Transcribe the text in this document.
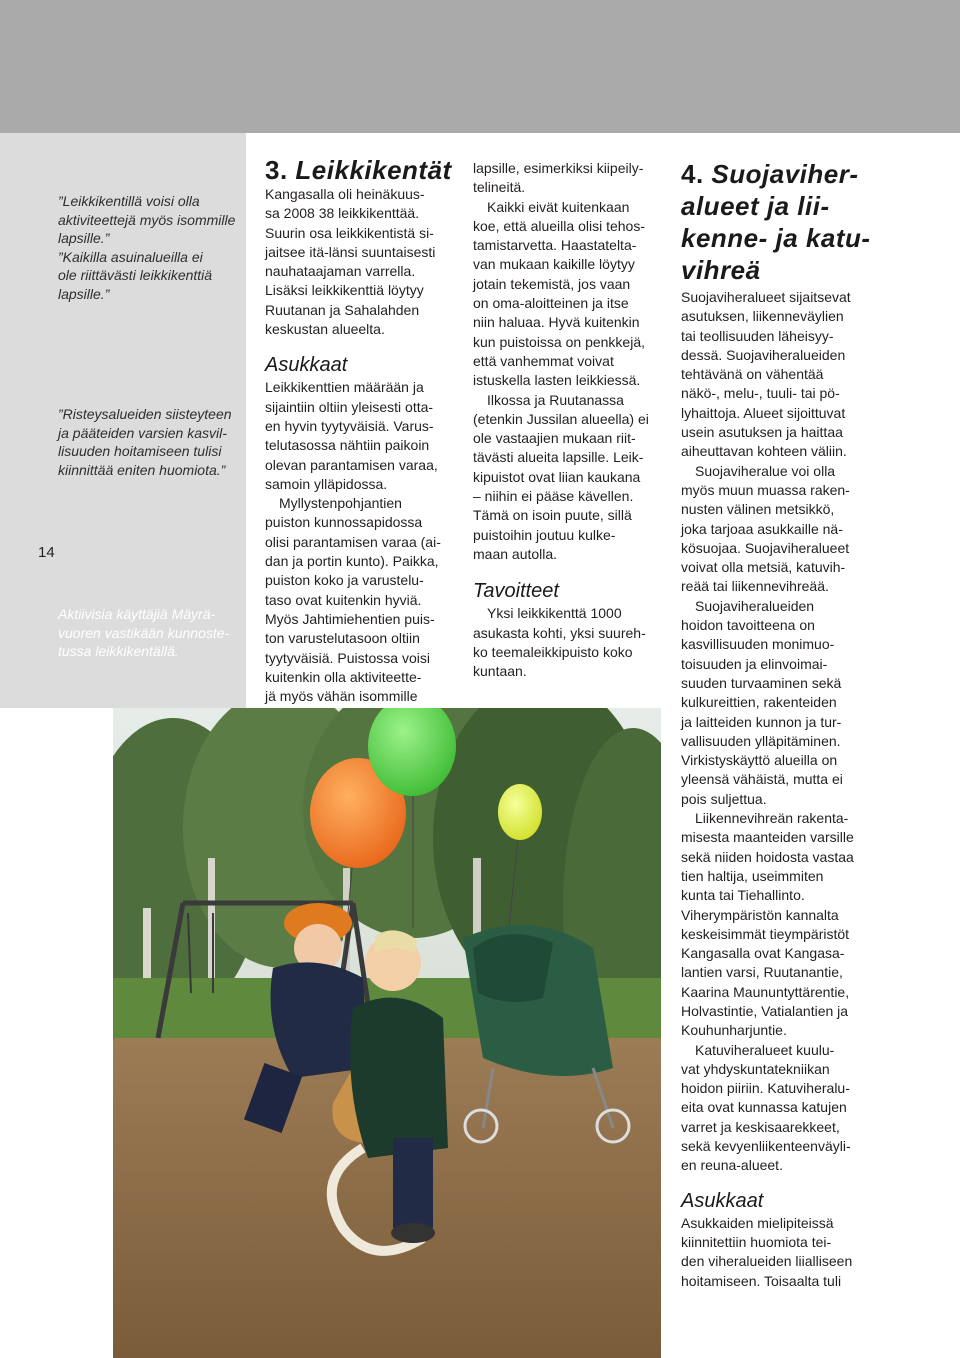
”Leikkikentillä voisi olla
aktiviteettejä myös isommille
lapsille.”
”Kaikilla asuinalueilla ei
ole riittävästi leikkikenttiä
lapsille.”
”Risteysalueiden siisteyteen
ja pääteiden varsien kasvil-
lisuuden hoitamiseen tulisi
kiinnittää eniten huomiota.”
14
Aktiivisia käyttäjiä Mäyrä-
vuoren vastikään kunnoste-
tussa leikkikentällä.
3. Leikkikentät

Kangasalla oli heinäkuus-
sa 2008 38 leikkikenttää.
Suurin osa leikkikentistä si-
jaitsee itä-länsi suuntaisesti
nauhataajaman varrella.
Lisäksi leikkikenttiä löytyy
Ruutanan ja Sahalahden
keskustan alueelta.

Asukkaat

Leikkikenttien määrään ja
sijaintiin oltiin yleisesti otta-
en hyvin tyytyväisiä. Varus-
telutasossa nähtiin paikoin
olevan parantamisen varaa,
samoin ylläpidossa.

Myllystenpohjantien
puiston kunnossapidossa
olisi parantamisen varaa (ai-
dan ja portin kunto). Paikka,
puiston koko ja varustelu-
taso ovat kuitenkin hyviä.
Myös Jahtimiehentien puis-
ton varustelutasoon oltiin
tyytyväisiä. Puistossa voisi
kuitenkin olla aktiviteette-
jä myös vähän isommille

lapsille, esimerkiksi kiipeily-
telineitä.

Kaikki eivät kuitenkaan
koe, että alueilla olisi tehos-
tamistarvetta. Haastatelta-
van mukaan kaikille löytyy
jotain tekemistä, jos vaan
on oma-aloitteinen ja itse
niin haluaa. Hyvä kuitenkin
kun puistoissa on penkkejä,
että vanhemmat voivat
istuskella lasten leikkiessä.

Ilkossa ja Ruutanassa
(etenkin Jussilan alueella) ei
ole vastaajien mukaan riit-
tävästi alueita lapsille. Leik-
kipuistot ovat liian kaukana
– niihin ei pääse kävellen.
Tämä on isoin puute, sillä
puistoihin joutuu kulke-
maan autolla.

Tavoitteet

Yksi leikkikenttä 1000
asukasta kohti, yksi suureh-
ko teemaleikkipuisto koko
kuntaan.

4. Suojaviher-
alueet ja lii-
kenne- ja katu-
vihreä

Suojaviheralueet sijaitsevat
asutuksen, liikenneväylien
tai teollisuuden läheisyy-
dessä. Suojaviheralueiden
tehtävänä on vähentää
näkö-, melu-, tuuli- tai pö-
lyhaittoja. Alueet sijoittuvat
usein asutuksen ja haittaa
aiheuttavan kohteen väliin.

Suojaviheralue voi olla
myös muun muassa raken-
nusten välinen metsikkö,
joka tarjoaa asukkaille nä-
kösuojaa. Suojaviheralueet
voivat olla metsiä, katuvih-
reää tai liikennevihreää.

Suojaviheralueiden
hoidon tavoitteena on
kasvillisuuden monimuo-
toisuuden ja elinvoimai-
suuden turvaaminen sekä
kulkureittien, rakenteiden
ja laitteiden kunnon ja tur-
vallisuuden ylläpitäminen.
Virkistyskäyttö alueilla on
yleensä vähäistä, mutta ei
pois suljettua.

Liikennevihreän rakenta-
misesta maanteiden varsille
sekä niiden hoidosta vastaa
tien haltija, useimmiten
kunta tai Tiehallinto.
Viherympäristön kannalta
keskeisimmät tieympäristöt
Kangasalla ovat Kangasa-
lantien varsi, Ruutanantie,
Kaarina Maununtyttärentie,
Holvastintie, Vatialantien ja
Kouhunharjuntie.

Katuviheralueet kuulu-
vat yhdyskuntatekniikan
hoidon piiriin. Katuviheralu-
eita ovat kunnassa katujen
varret ja keskisaarekkeet,
sekä kevyenliikenteenväyli-
en reuna-alueet.

Asukkaat

Asukkaiden mielipiteissä
kiinnitettiin huomiota tei-
den viheralueiden liialliseen
hoitamiseen. Toisaalta tuli
